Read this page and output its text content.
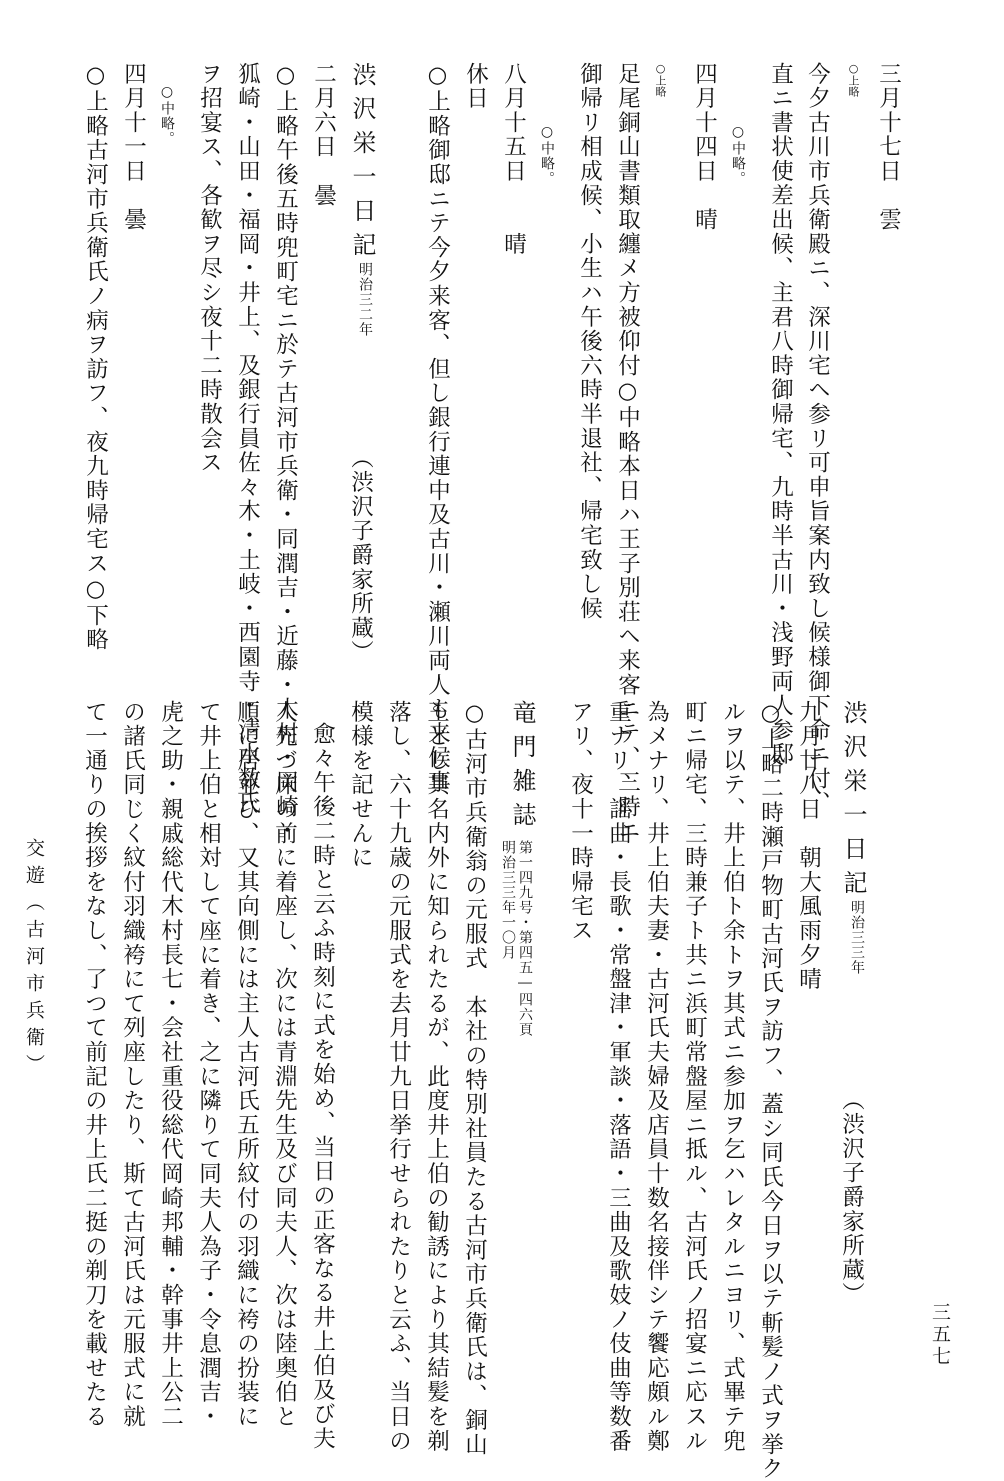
三月十七日　雲
○上略
今夕古川市兵衛殿ニ、深川宅ヘ参リ可申旨案内致し候様御下命ニ付、
直ニ書状使差出候、主君八時御帰宅、九時半古川・浅野両人参邸
○中略。
四月十四日　晴
○上略
足尾銅山書類取纏メ方被仰付○中略本日ハ王子別荘ヘ来客ニテ、三時ニ
御帰リ相成候、小生ハ午後六時半退社、帰宅致し候
○中略。
八月十五日　　晴
休日
○上略御邸ニテ今夕来客、但し銀行連中及古川・瀬川両人も来候事
渋沢栄一日記
明治三二年
（渋沢子爵家所蔵）
二月六日　曇
○上略午後五時兜町宅ニ於テ古河市兵衛・同潤吉・近藤・木村・岡崎・
狐崎・山田・福岡・井上、及銀行員佐々木・土岐・西園寺・清水数氏
ヲ招宴ス、各歓ヲ尽シ夜十二時散会ス
○中略。
四月十一日　曇
○上略古河市兵衛氏ノ病ヲ訪フ、夜九時帰宅ス○下略
渋沢栄一日記
明治三三年
（渋沢子爵家所蔵）
九月廿八日　朝大風雨夕晴
○上略二時瀬戸物町古河氏ヲ訪フ、蓋シ同氏今日ヲ以テ斬髪ノ式ヲ挙ク
ルヲ以テ、井上伯ト余トヲ其式ニ参加ヲ乞ハレタルニヨリ、式畢テ兜
町ニ帰宅、三時兼子ト共ニ浜町常盤屋ニ抵ル、古河氏ノ招宴ニ応スル
為メナリ、井上伯夫妻・古河氏夫婦及店員十数名接伴シテ饗応頗ル鄭
重ナリ、謡曲・長歌・常盤津・軍談・落語・三曲及歌妓ノ伎曲等数番
アリ、夜十一時帰宅ス
竜門雑誌
第一四九号・第四五―四六頁
明治三三年一〇月
○古河市兵衛翁の元服式　本社の特別社員たる古河市兵衛氏は、銅山
王とし其名内外に知られたるが、此度井上伯の勧誘により其結髪を剃
落し、六十九歳の元服式を去月廿九日挙行せられたりと云ふ、当日の
模様を記せんに
愈々午後二時と云ふ時刻に式を始め、当日の正客なる井上伯及び夫
人先づ床の前に着座し、次には青淵先生及び同夫人、次は陸奥伯と
順に居並び、又其向側には主人古河氏五所紋付の羽織に袴の扮装に
て井上伯と相対して座に着き、之に隣りて同夫人為子・令息潤吉・
虎之助・親戚総代木村長七・会社重役総代岡崎邦輔・幹事井上公二
の諸氏同じく紋付羽織袴にて列座したり、斯て古河氏は元服式に就
て一通りの挨拶をなし、了つて前記の井上氏二挺の剃刀を載せたる
交遊（古河市兵衛）
三五七
